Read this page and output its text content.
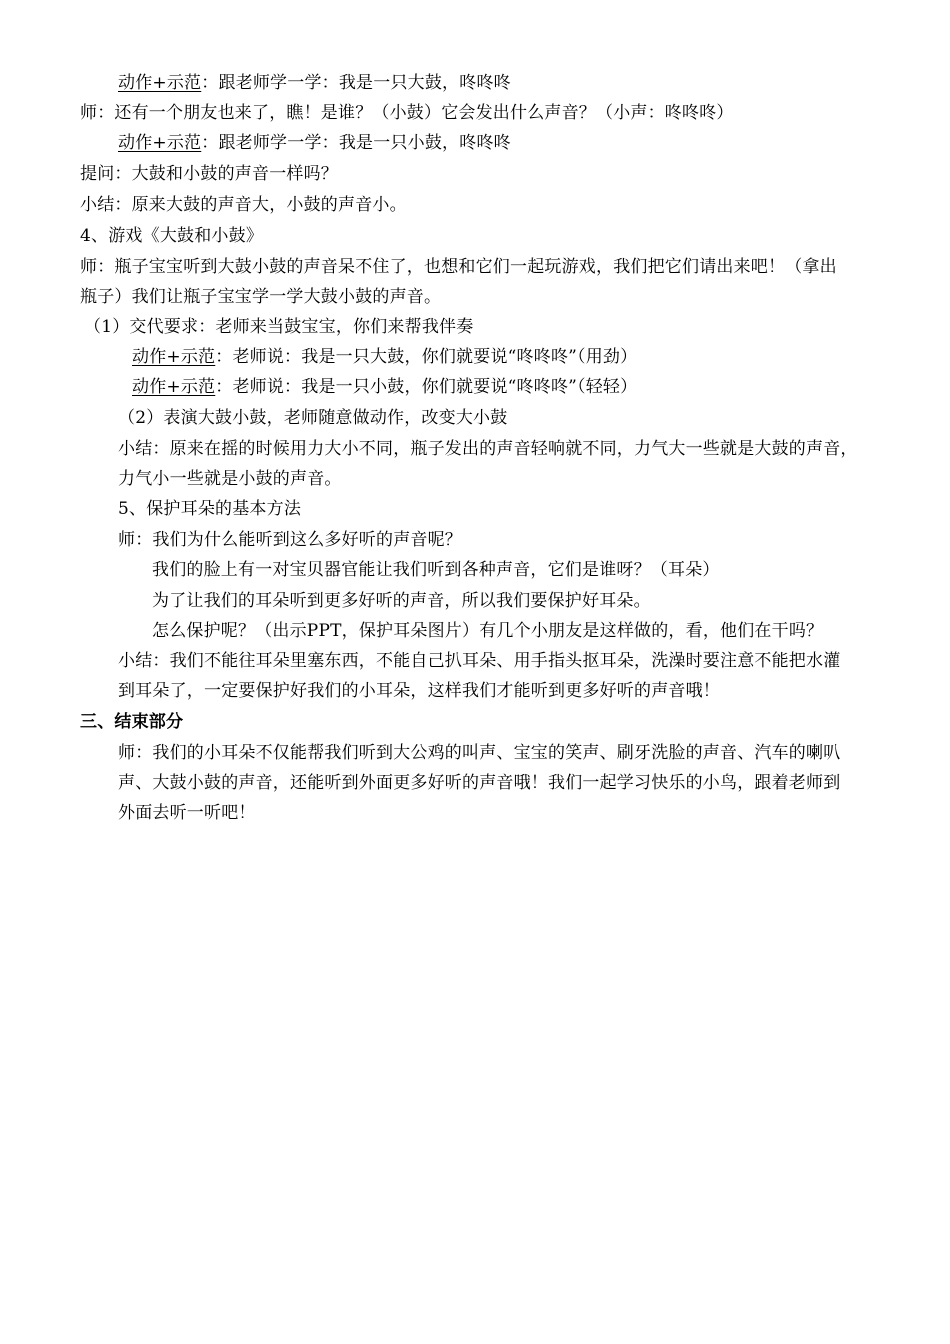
动作+示范：跟老师学一学：我是一只大鼓，咚咚咚
师：还有一个朋友也来了，瞧！是谁？（小鼓）它会发出什么声音？（小声：咚咚咚）
动作+示范：跟老师学一学：我是一只小鼓，咚咚咚
提问：大鼓和小鼓的声音一样吗？
小结：原来大鼓的声音大，小鼓的声音小。
4、游戏《大鼓和小鼓》
师：瓶子宝宝听到大鼓小鼓的声音呆不住了，也想和它们一起玩游戏，我们把它们请出来吧！（拿出
瓶子）我们让瓶子宝宝学一学大鼓小鼓的声音。
（1）交代要求：老师来当鼓宝宝，你们来帮我伴奏
动作+示范：老师说：我是一只大鼓，你们就要说“咚咚咚”（用劲）
动作+示范：老师说：我是一只小鼓，你们就要说“咚咚咚”（轻轻）
（2）表演大鼓小鼓，老师随意做动作，改变大小鼓
小结：原来在摇的时候用力大小不同，瓶子发出的声音轻响就不同，力气大一些就是大鼓的声音，
力气小一些就是小鼓的声音。
5、保护耳朵的基本方法
师：我们为什么能听到这么多好听的声音呢？
我们的脸上有一对宝贝器官能让我们听到各种声音，它们是谁呀？（耳朵）
为了让我们的耳朵听到更多好听的声音，所以我们要保护好耳朵。
怎么保护呢？（出示PPT，保护耳朵图片）有几个小朋友是这样做的，看，他们在干吗？
小结：我们不能往耳朵里塞东西，不能自己扒耳朵、用手指头抠耳朵，洗澡时要注意不能把水灌
到耳朵了，一定要保护好我们的小耳朵，这样我们才能听到更多好听的声音哦！
三、结束部分
师：我们的小耳朵不仅能帮我们听到大公鸡的叫声、宝宝的笑声、刷牙洗脸的声音、汽车的喇叭
声、大鼓小鼓的声音，还能听到外面更多好听的声音哦！我们一起学习快乐的小鸟，跟着老师到
外面去听一听吧！
